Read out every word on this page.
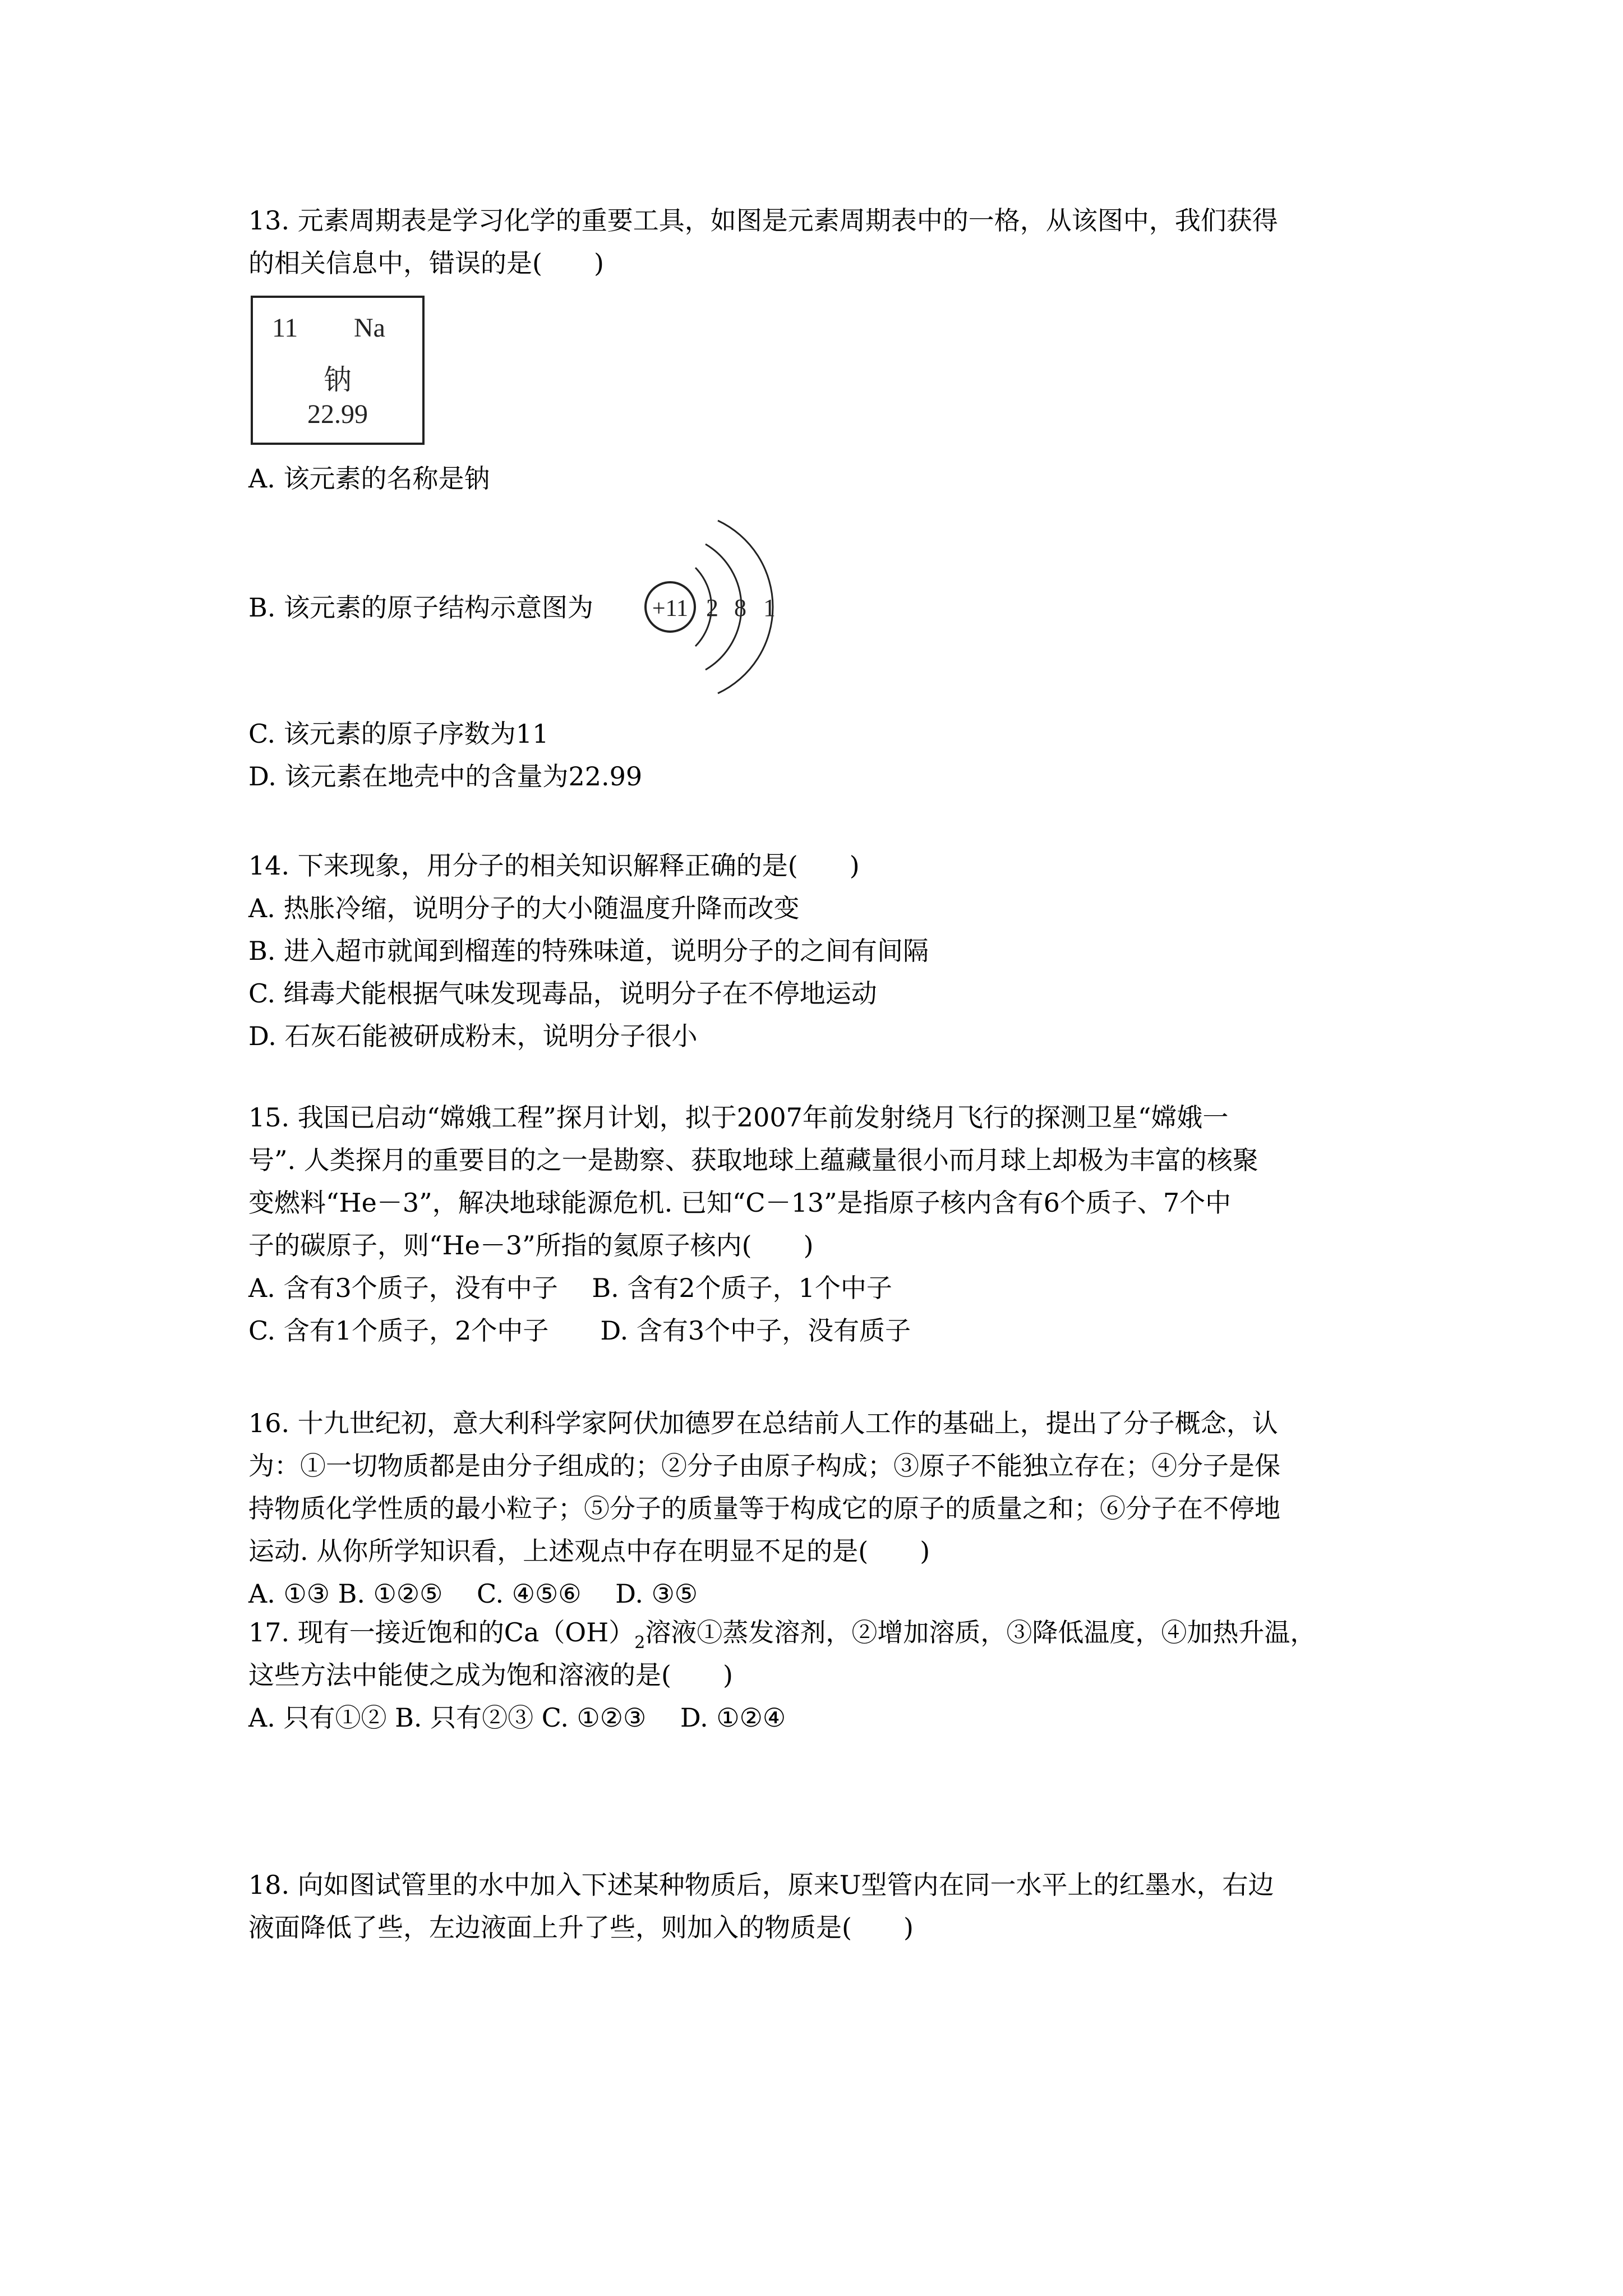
13. 元素周期表是学习化学的重要工具，如图是元素周期表中的一格，从该图中，我们获得
的相关信息中，错误的是(　　)
11 Na
钠
22.99
A. 该元素的名称是钠
B. 该元素的原子结构示意图为 +11 2 8 1
C. 该元素的原子序数为11
D. 该元素在地壳中的含量为22.99
14. 下来现象，用分子的相关知识解释正确的是(　　)
A. 热胀冷缩，说明分子的大小随温度升降而改变
B. 进入超市就闻到榴莲的特殊味道，说明分子的之间有间隔
C. 缉毒犬能根据气味发现毒品，说明分子在不停地运动
D. 石灰石能被研成粉末，说明分子很小
15. 我国已启动“嫦娥工程”探月计划，拟于2007年前发射绕月飞行的探测卫星“嫦娥一
号”. 人类探月的重要目的之一是勘察、获取地球上蕴藏量很小而月球上却极为丰富的核聚
变燃料“He－3”，解决地球能源危机. 已知“C－13”是指原子核内含有6个质子、7个中
子的碳原子，则“He－3”所指的氦原子核内(　　)
A. 含有3个质子，没有中子　 B. 含有2个质子，1个中子
C. 含有1个质子，2个中子　　D. 含有3个中子，没有质子
16. 十九世纪初，意大利科学家阿伏加德罗在总结前人工作的基础上，提出了分子概念，认
为：①一切物质都是由分子组成的；②分子由原子构成；③原子不能独立存在；④分子是保
持物质化学性质的最小粒子；⑤分子的质量等于构成它的原子的质量之和；⑥分子在不停地
运动. 从你所学知识看，上述观点中存在明显不足的是(　　)
A. ①③ B. ①②⑤　 C. ④⑤⑥　 D. ③⑤
17. 现有一接近饱和的$Ca(OH)_2$溶液①蒸发溶剂，②增加溶质，③降低温度，④加热升温，
这些方法中能使之成为饱和溶液的是(　　)
A. 只有①② B. 只有②③ C. ①②③　 D. ①②④
18. 向如图试管里的水中加入下述某种物质后，原来U型管内在同一水平上的红墨水，右边
液面降低了些，左边液面上升了些，则加入的物质是(　　)
